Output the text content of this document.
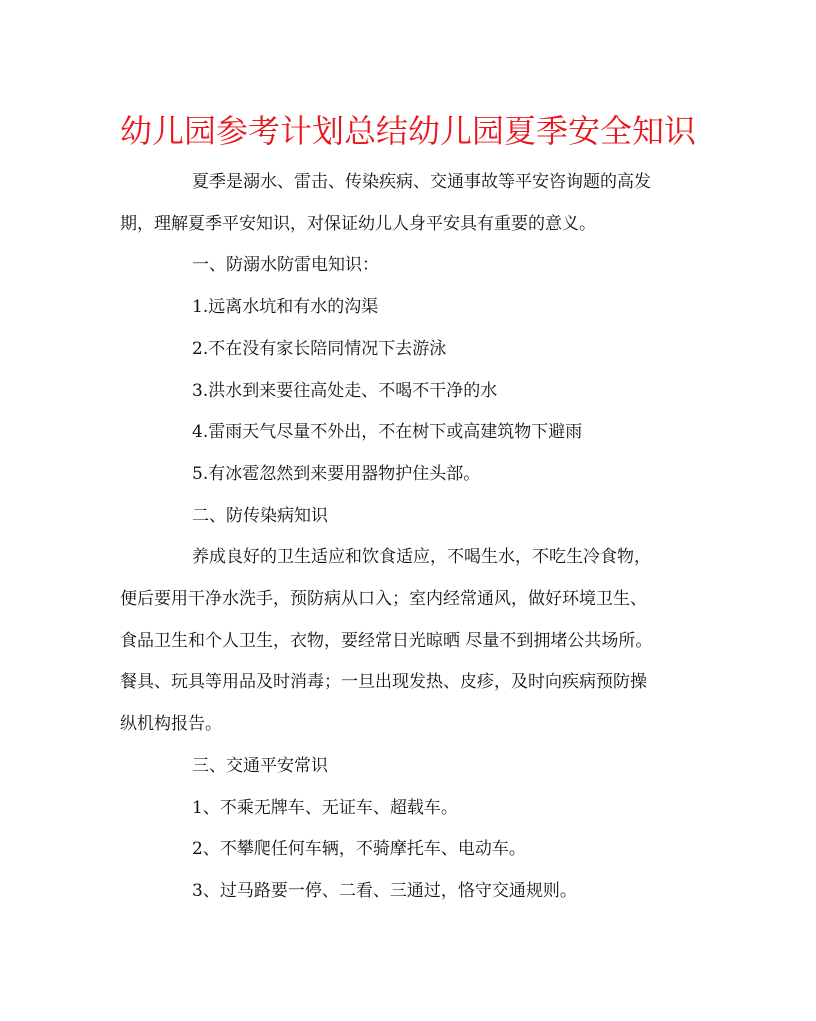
幼儿园参考计划总结幼儿园夏季安全知识

夏季是溺水、雷击、传染疾病、交通事故等平安咨询题的高发

期，理解夏季平安知识，对保证幼儿人身平安具有重要的意义。

一、防溺水防雷电知识：

1.远离水坑和有水的沟渠

2.不在没有家长陪同情况下去游泳

3.洪水到来要往高处走、不喝不干净的水

4.雷雨天气尽量不外出，不在树下或高建筑物下避雨

5.有冰雹忽然到来要用器物护住头部。

二、防传染病知识

养成良好的卫生适应和饮食适应，不喝生水，不吃生冷食物，

便后要用干净水洗手，预防病从口入；室内经常通风，做好环境卫生、

食品卫生和个人卫生，衣物，要经常日光晾晒 尽量不到拥堵公共场所。

餐具、玩具等用品及时消毒；一旦出现发热、皮疹，及时向疾病预防操

纵机构报告。

三、交通平安常识

1、不乘无牌车、无证车、超载车。

2、不攀爬任何车辆，不骑摩托车、电动车。

3、过马路要一停、二看、三通过，恪守交通规则。
